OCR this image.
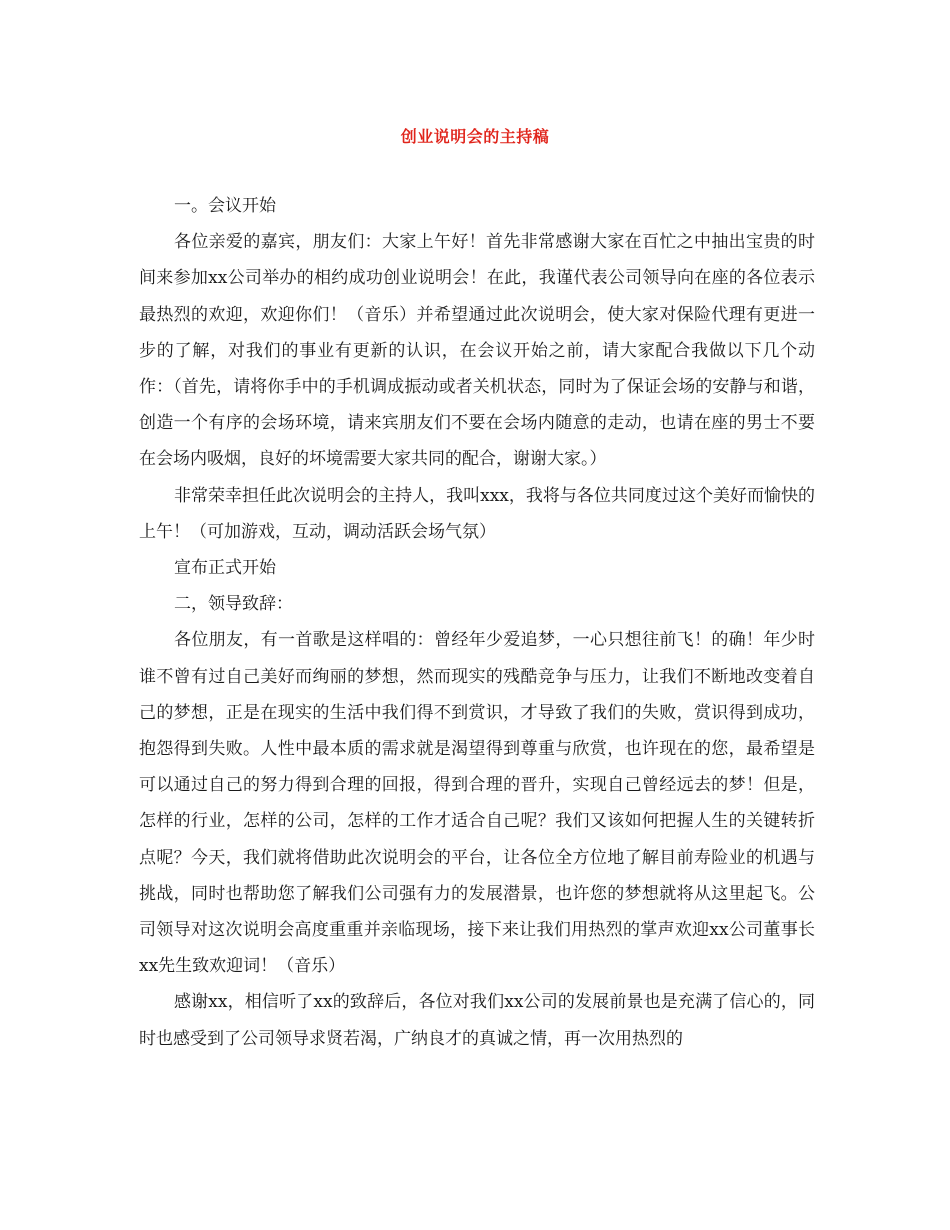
创业说明会的主持稿

一。会议开始

各位亲爱的嘉宾，朋友们：大家上午好！首先非常感谢大家在百忙之中抽出宝贵的时间来参加xx公司举办的相约成功创业说明会！在此，我谨代表公司领导向在座的各位表示最热烈的欢迎，欢迎你们！（音乐）并希望通过此次说明会，使大家对保险代理有更进一步的了解，对我们的事业有更新的认识，在会议开始之前，请大家配合我做以下几个动作：（首先，请将你手中的手机调成振动或者关机状态，同时为了保证会场的安静与和谐，创造一个有序的会场环境，请来宾朋友们不要在会场内随意的走动，也请在座的男士不要在会场内吸烟，良好的坏境需要大家共同的配合，谢谢大家。）

非常荣幸担任此次说明会的主持人，我叫xxx，我将与各位共同度过这个美好而愉快的上午！（可加游戏，互动，调动活跃会场气氛）

宣布正式开始

二，领导致辞：

各位朋友，有一首歌是这样唱的：曾经年少爱追梦，一心只想往前飞！的确！年少时谁不曾有过自己美好而绚丽的梦想，然而现实的残酷竞争与压力，让我们不断地改变着自己的梦想，正是在现实的生活中我们得不到赏识，才导致了我们的失败，赏识得到成功，抱怨得到失败。人性中最本质的需求就是渴望得到尊重与欣赏，也许现在的您，最希望是可以通过自己的努力得到合理的回报，得到合理的晋升，实现自己曾经远去的梦！但是，怎样的行业，怎样的公司，怎样的工作才适合自己呢？我们又该如何把握人生的关键转折点呢？今天，我们就将借助此次说明会的平台，让各位全方位地了解目前寿险业的机遇与挑战，同时也帮助您了解我们公司强有力的发展潜景，也许您的梦想就将从这里起飞。公司领导对这次说明会高度重重并亲临现场，接下来让我们用热烈的掌声欢迎xx公司董事长xx先生致欢迎词！（音乐）

感谢xx，相信听了xx的致辞后，各位对我们xx公司的发展前景也是充满了信心的，同时也感受到了公司领导求贤若渴，广纳良才的真诚之情，再一次用热烈的
